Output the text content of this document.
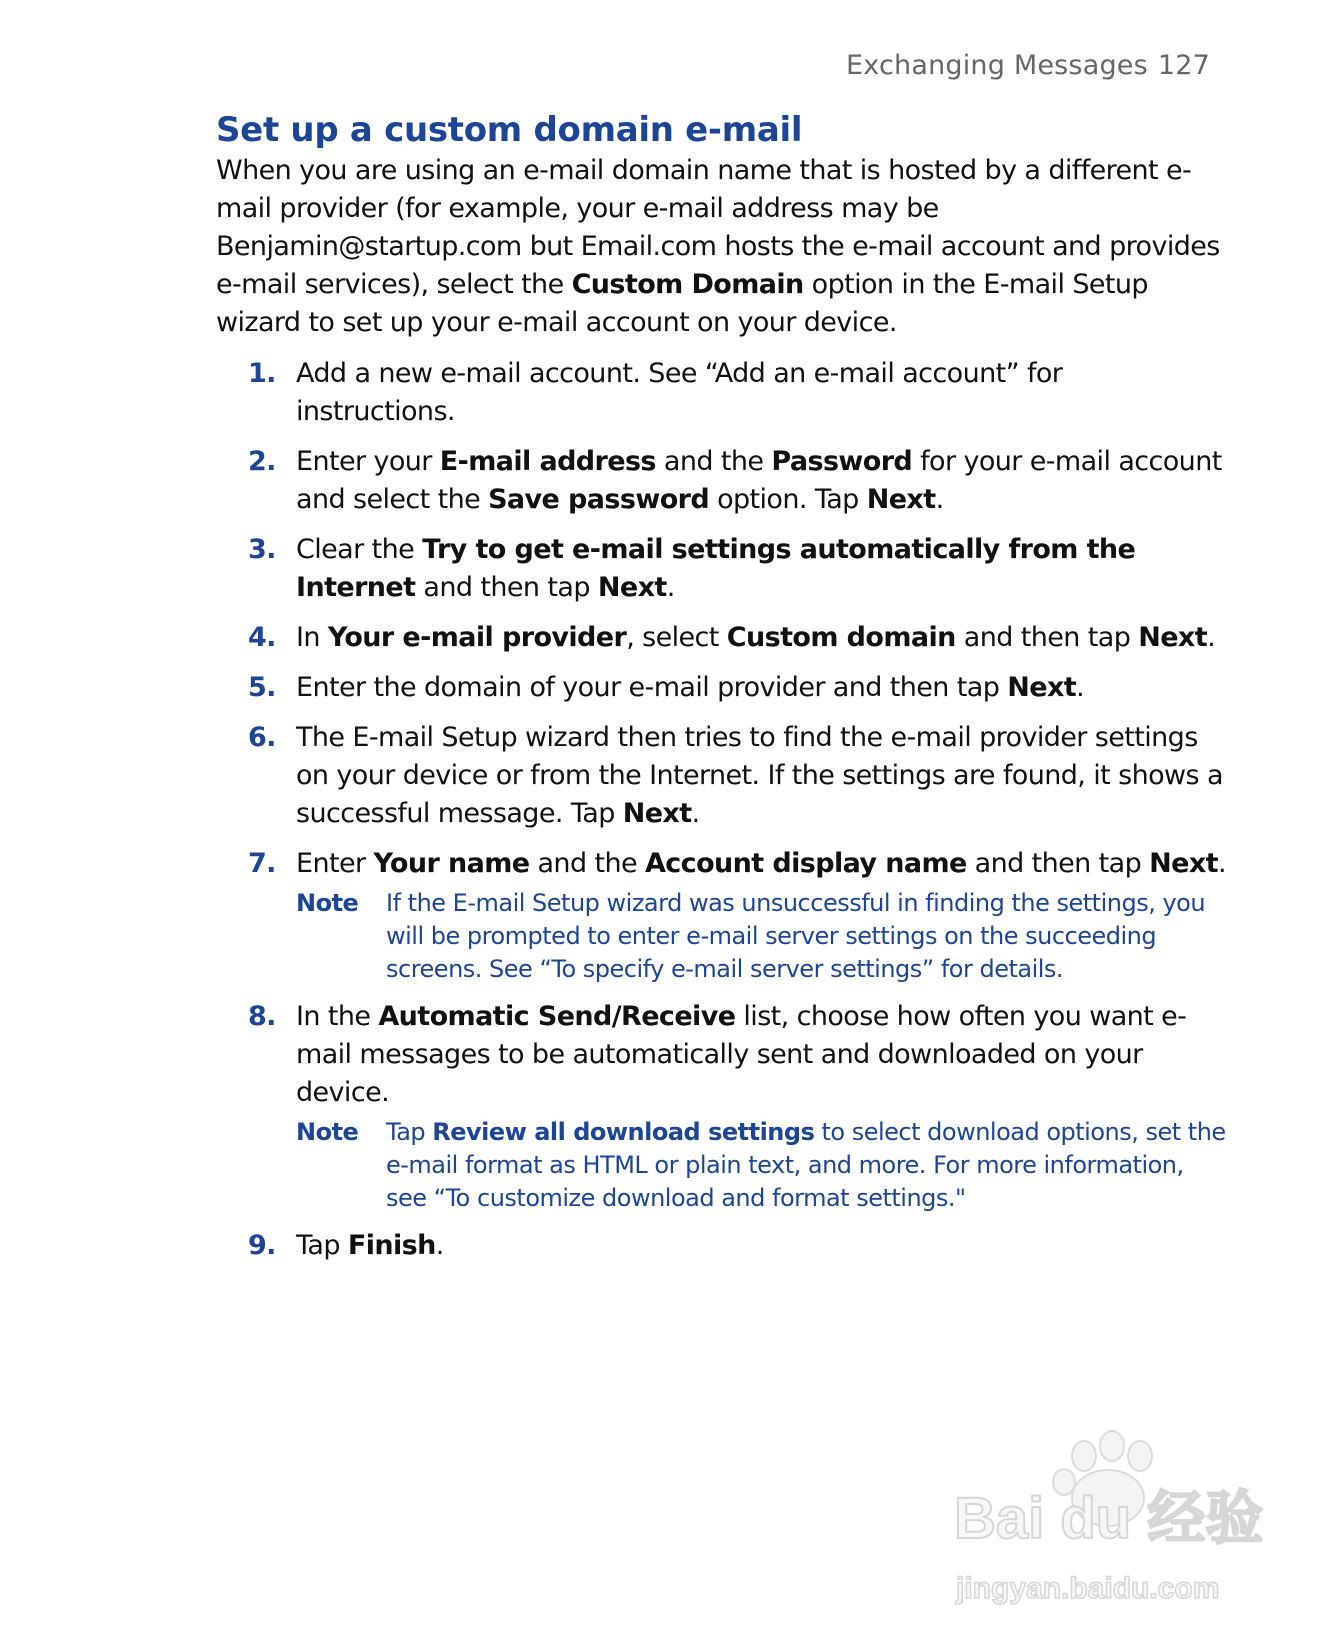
Exchanging Messages 127
Set up a custom domain e-mail

When you are using an e-mail domain name that is hosted by a different e-mail provider (for example, your e-mail address may be Benjamin@startup.com but Email.com hosts the e-mail account and provides e-mail services), select the Custom Domain option in the E-mail Setup wizard to set up your e-mail account on your device.

1. Add a new e-mail account. See “Add an e-mail account” for instructions.
2. Enter your E-mail address and the Password for your e-mail account and select the Save password option. Tap Next.
3. Clear the Try to get e-mail settings automatically from the Internet and then tap Next.
4. In Your e-mail provider, select Custom domain and then tap Next.
5. Enter the domain of your e-mail provider and then tap Next.
6. The E-mail Setup wizard then tries to find the e-mail provider settings on your device or from the Internet. If the settings are found, it shows a successful message. Tap Next.
7. Enter Your name and the Account display name and then tap Next.
Note If the E-mail Setup wizard was unsuccessful in finding the settings, you will be prompted to enter e-mail server settings on the succeeding screens. See “To specify e-mail server settings” for details.
8. In the Automatic Send/Receive list, choose how often you want e-mail messages to be automatically sent and downloaded on your device.
Note Tap Review all download settings to select download options, set the e-mail format as HTML or plain text, and more. For more information, see “To customize download and format settings."
9. Tap Finish.
Bai du 经验
jingyan.baidu.com
